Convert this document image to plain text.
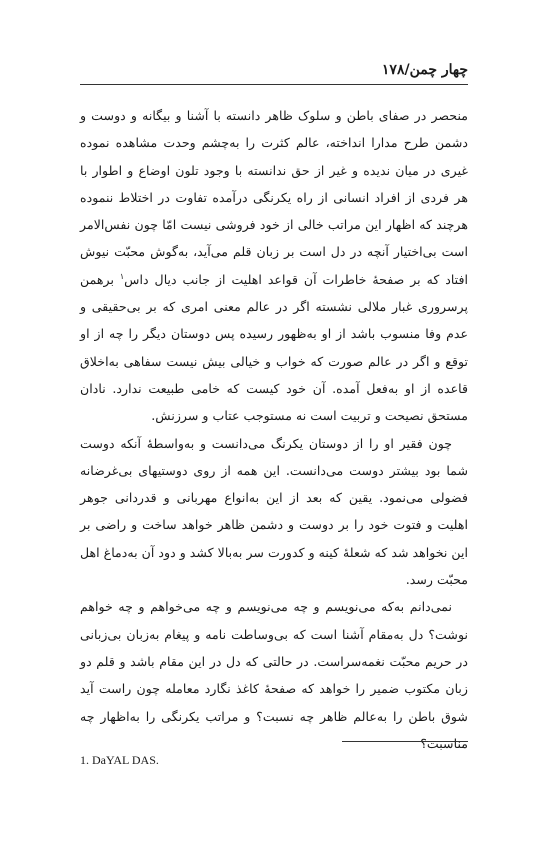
چهار چمن/۱۷۸

منحصر در صفای باطن و سلوک ظاهر دانسته با آشنا و بیگانه و دوست و دشمن طرح مدارا انداخته، عالم کثرت را به‌چشم وحدت مشاهده نموده غیری در میان ندیده و غیر از حق ندانسته با وجود تلون اوضاع و اطوار با هر فردی از افراد انسانی از راه یکرنگی درآمده تفاوت در اختلاط ننموده هرچند که اظهار این مراتب خالی از خود فروشی نیست امّا چون نفس‌الامر است بی‌اختیار آنچه در دل است بر زبان قلم می‌آید، به‌گوش محبّت نیوش افتاد که بر صفحهٔ خاطرات آن قواعد اهلیت از جانب دیال داس$^۱$ برهمن پرسروری غبار ملالی نشسته اگر در عالم معنی امری که بر بی‌حقیقی و عدم وفا منسوب باشد از او به‌ظهور رسیده پس دوستان دیگر را چه از او توقع و اگر در عالم صورت که خواب و خیالی بیش نیست سفاهی به‌اخلاق قاعده از او به‌فعل آمده. آن خود کیست که خامی طبیعت ندارد. نادان مستحق نصیحت و تربیت است نه مستوجب عتاب و سرزنش.

چون فقیر او را از دوستان یکرنگ می‌دانست و به‌واسطهٔ آنکه دوست شما بود بیشتر دوست می‌دانست. این همه از روی دوستیهای بی‌غرضانه فضولی می‌نمود. یقین که بعد از این به‌انواع مهربانی و قدردانی جوهر اهلیت و فتوت خود را بر دوست و دشمن ظاهر خواهد ساخت و راضی بر این نخواهد شد که شعلهٔ کینه و کدورت سر به‌بالا کشد و دود آن به‌دماغ اهل محبّت رسد.

نمی‌دانم به‌که می‌نویسم و چه می‌نویسم و چه می‌خواهم و چه خواهم نوشت؟ دل به‌مقام آشنا است که بی‌وساطت نامه و پیغام به‌زبان بی‌زبانی در حریم محبّت نغمه‌سراست. در حالتی که دل در این مقام باشد و قلم دو زبان مکتوب ضمیر را خواهد که صفحهٔ کاغذ نگارد معامله چون راست آید شوق باطن را به‌عالم ظاهر چه نسبت؟ و مراتب یکرنگی را به‌اظهار چه مناسبت؟

1. DaYAL DAS.
